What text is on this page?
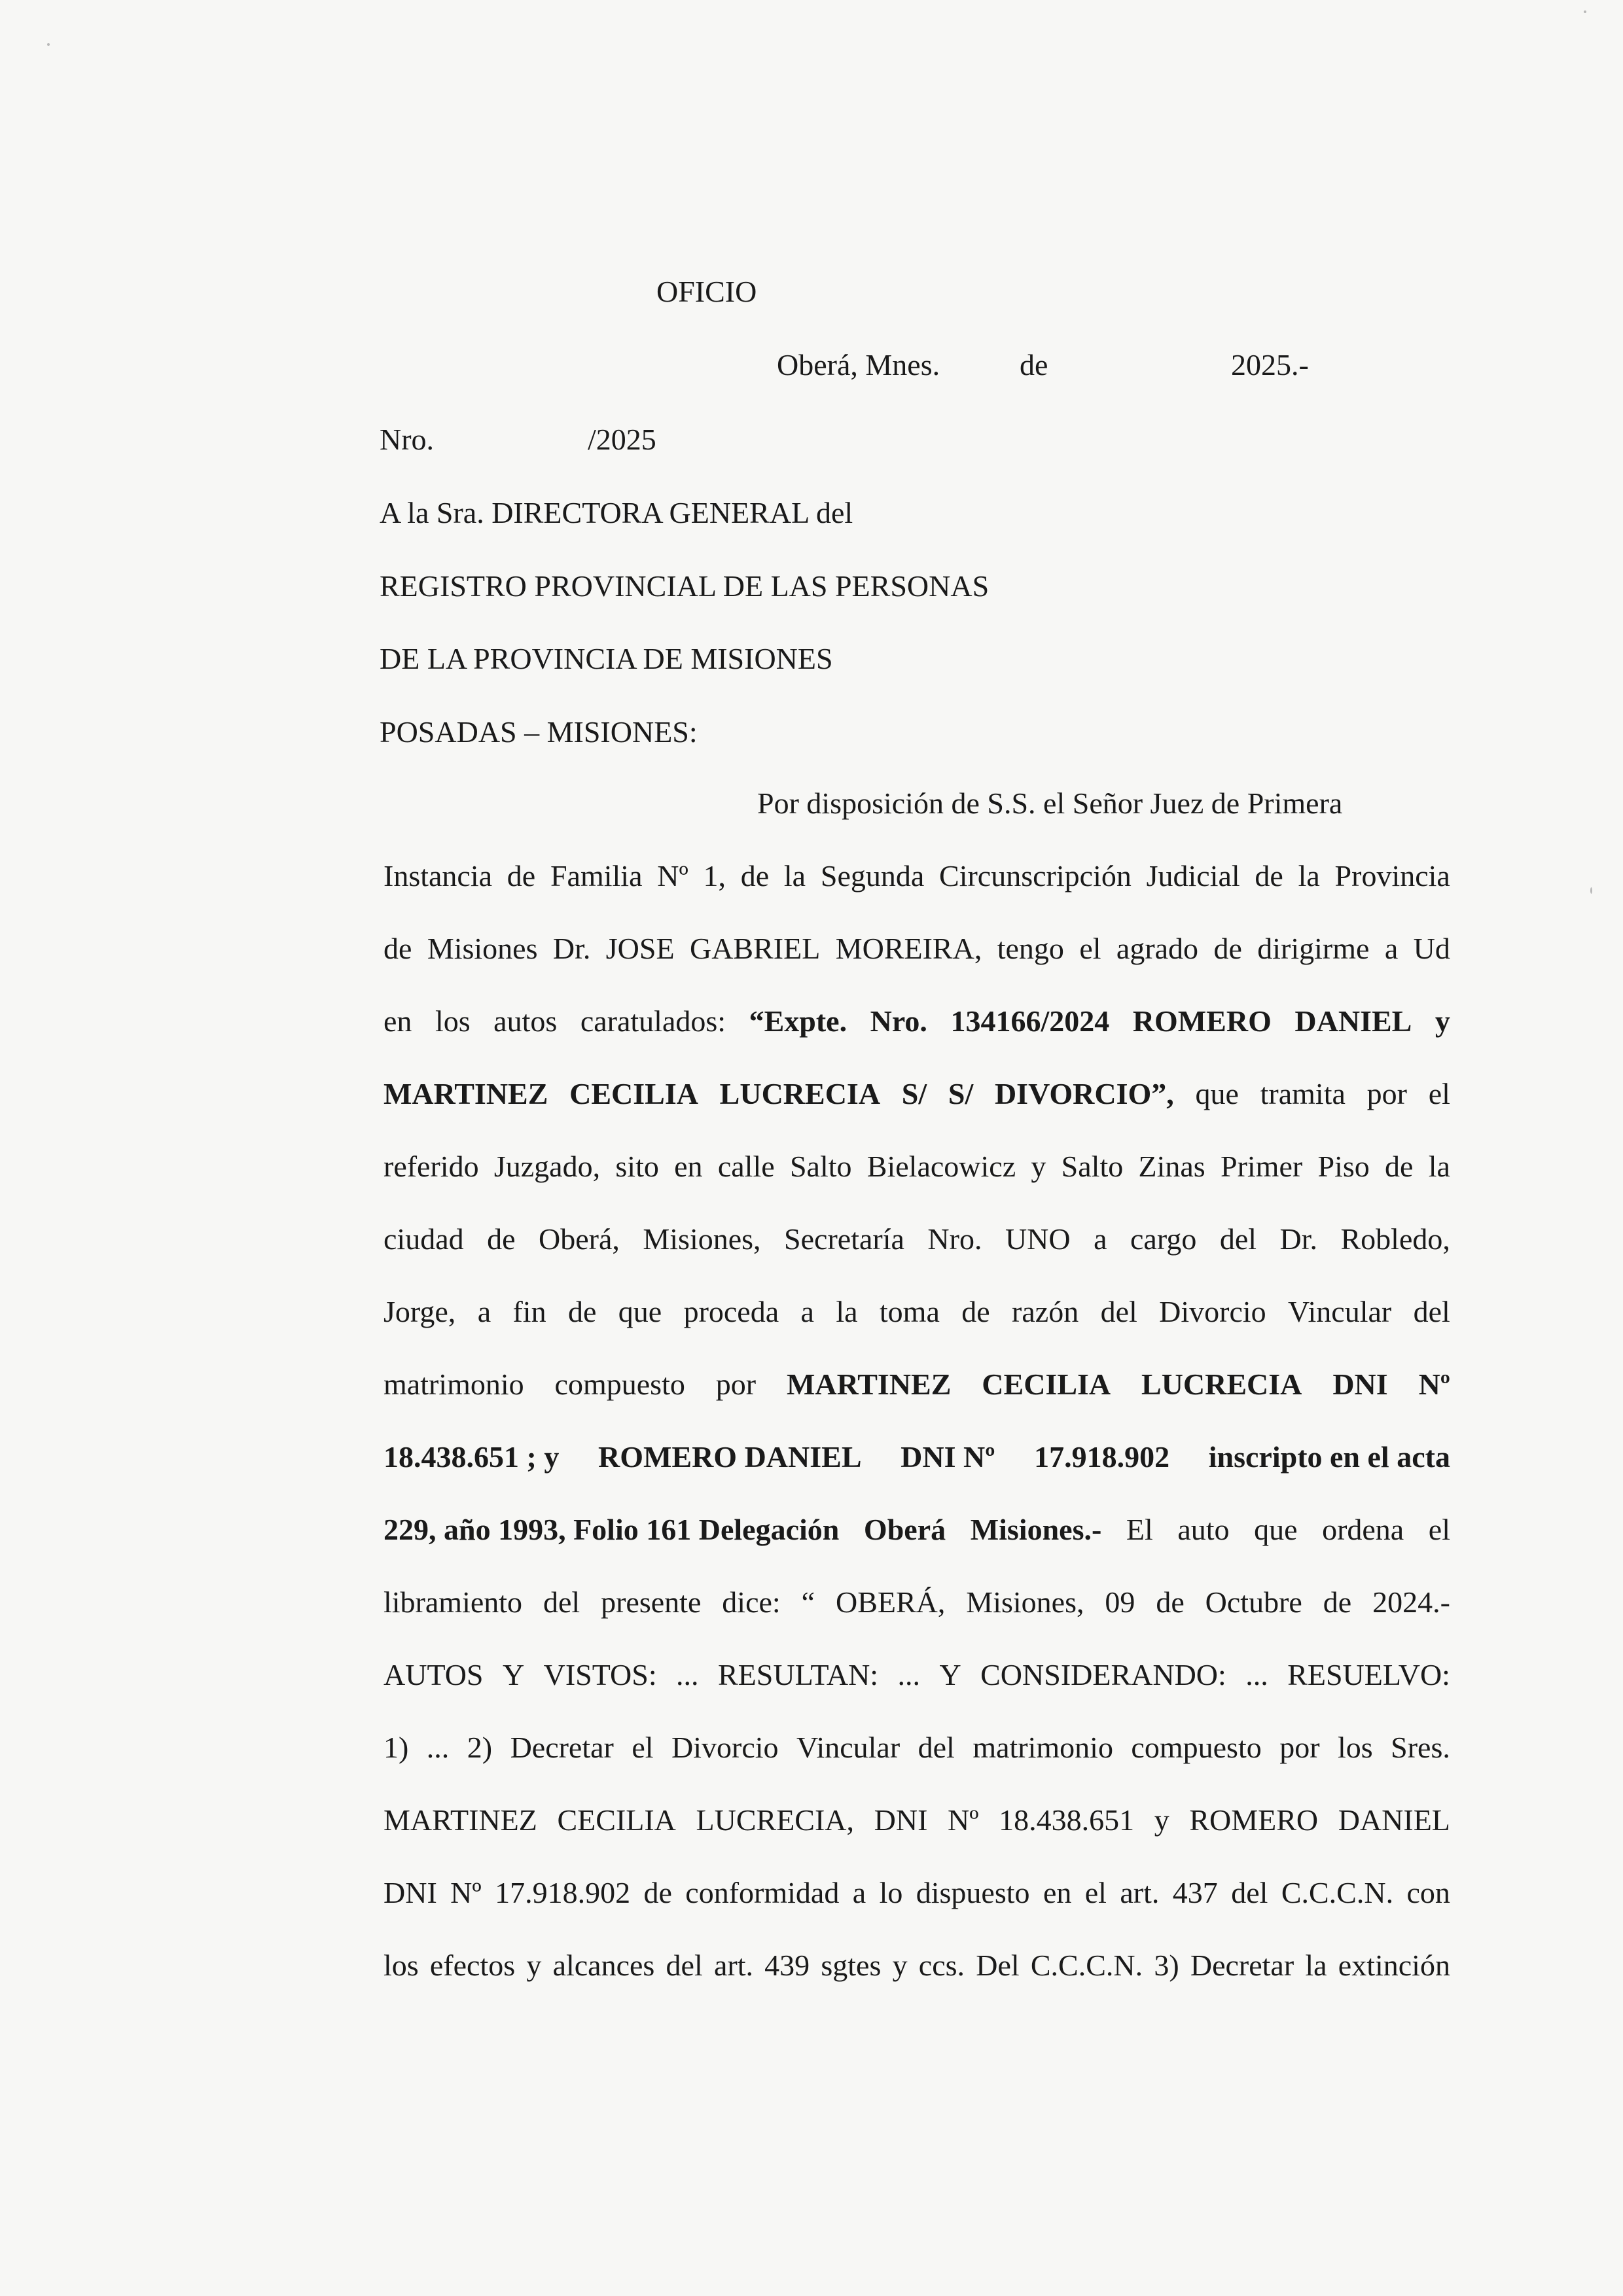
OFICIO
Oberá, Mnes.	de	2025.-
Nro.	/2025
A la Sra. DIRECTORA GENERAL del
REGISTRO PROVINCIAL DE LAS PERSONAS
DE LA PROVINCIA DE MISIONES
POSADAS – MISIONES:
Por disposición de S.S. el Señor Juez de Primera
Instancia de Familia Nº 1, de la Segunda Circunscripción Judicial de la Provincia
de Misiones Dr. JOSE GABRIEL MOREIRA, tengo el agrado de dirigirme a Ud
en los autos caratulados: “Expte. Nro. 134166/2024 ROMERO DANIEL y
MARTINEZ CECILIA LUCRECIA S/ S/ DIVORCIO”, que tramita por el
referido Juzgado, sito en calle Salto Bielacowicz y Salto Zinas Primer Piso de la
ciudad de Oberá, Misiones, Secretaría Nro. UNO a cargo del Dr. Robledo,
Jorge, a fin de que proceda a la toma de razón del Divorcio Vincular del
matrimonio compuesto por MARTINEZ CECILIA LUCRECIA DNI Nº
18.438.651 ; y ROMERO DANIEL DNI Nº 17.918.902 inscripto en el acta
229, año 1993, Folio 161 Delegación Oberá Misiones.- El auto que ordena el
libramiento del presente dice: “ OBERÁ, Misiones, 09 de Octubre de 2024.-
AUTOS Y VISTOS: ... RESULTAN: ... Y CONSIDERANDO: ... RESUELVO:
1) ... 2) Decretar el Divorcio Vincular del matrimonio compuesto por los Sres.
MARTINEZ CECILIA LUCRECIA, DNI Nº 18.438.651 y ROMERO DANIEL
DNI Nº 17.918.902 de conformidad a lo dispuesto en el art. 437 del C.C.C.N. con
los efectos y alcances del art. 439 sgtes y ccs. Del C.C.C.N. 3) Decretar la extinción
